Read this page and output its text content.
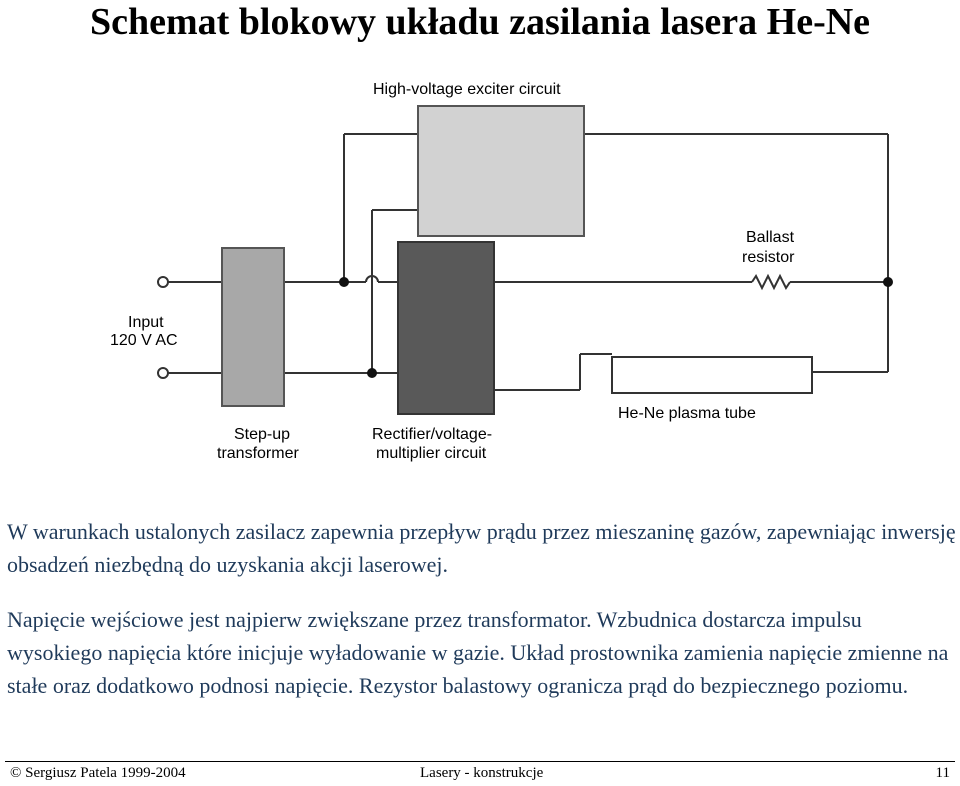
Schemat blokowy układu zasilania lasera He-Ne
High-voltage exciter circuit
Ballast
resistor
Input
120 V AC
Step-up
transformer
Rectifier/voltage-
multiplier circuit
He-Ne plasma tube

W warunkach ustalonych zasilacz zapewnia przepływ prądu przez mieszaninę gazów, zapewniając inwersję obsadzeń niezbędną do uzyskania akcji laserowej.

Napięcie wejściowe jest najpierw zwiększane przez transformator. Wzbudnica dostarcza impulsu wysokiego napięcia które inicjuje wyładowanie w gazie. Układ prostownika zamienia napięcie zmienne na stałe oraz dodatkowo podnosi napięcie. Rezystor balastowy ogranicza prąd do bezpiecznego poziomu.

© Sergiusz Patela 1999-2004	Lasery - konstrukcje	11
